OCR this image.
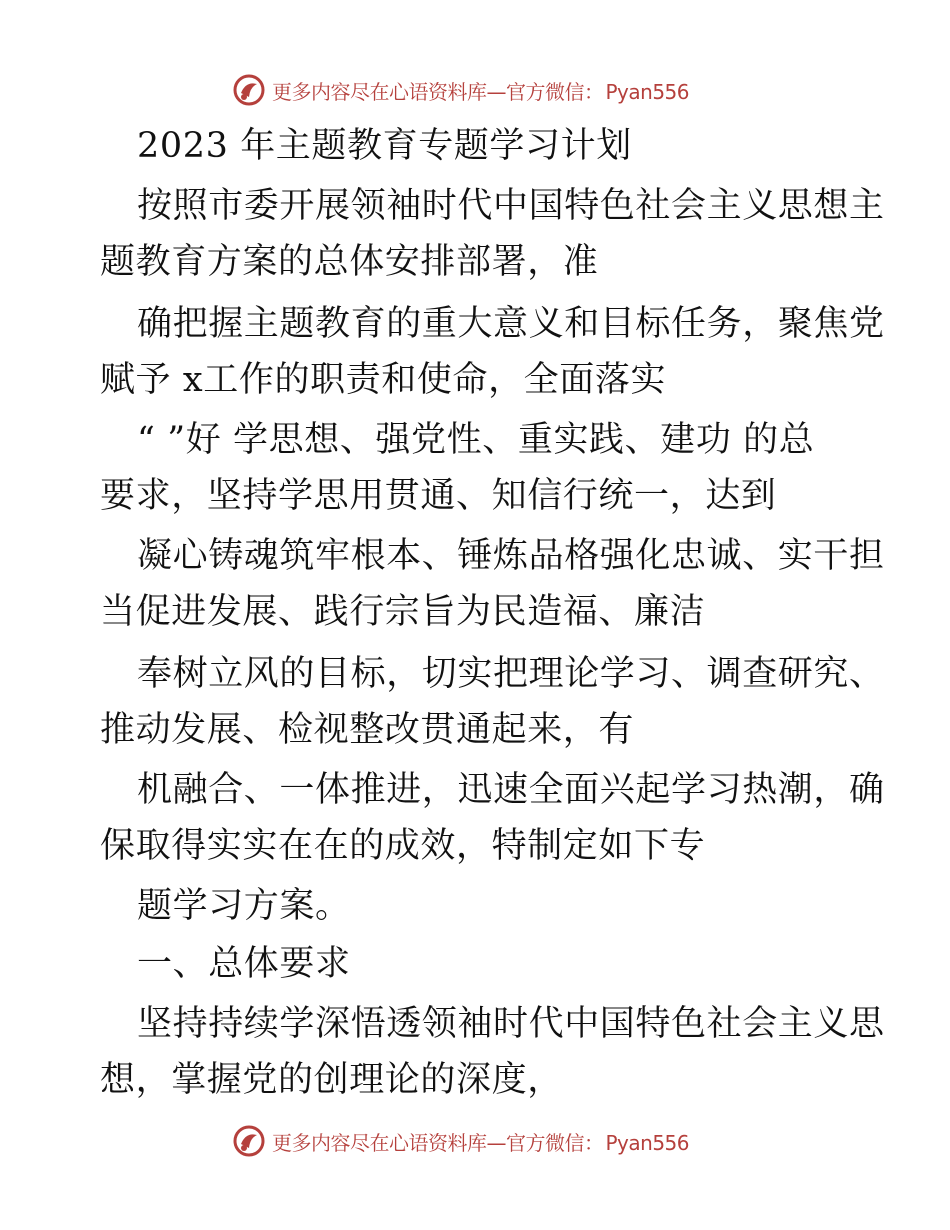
更多内容尽在心语资料库—官方微信： Pyan556
2023 年主题教育专题学习计划
按照市委开展领袖时代中国特色社会主义思想主
题教育方案的总体安排部署，准
确把握主题教育的重大意义和目标任务，聚焦党
赋予 x工作的职责和使命，全面落实
“ ”好 学思想、强党性、重实践、建功 的总
要求，坚持学思用贯通、知信行统一，达到
凝心铸魂筑牢根本、锤炼品格强化忠诚、实干担
当促进发展、践行宗旨为民造福、廉洁
奉树立风的目标，切实把理论学习、调查研究、
推动发展、检视整改贯通起来，有
机融合、一体推进，迅速全面兴起学习热潮，确
保取得实实在在的成效，特制定如下专
题学习方案。
一、总体要求
坚持持续学深悟透领袖时代中国特色社会主义思
想，掌握党的创理论的深度，
更多内容尽在心语资料库—官方微信： Pyan556
